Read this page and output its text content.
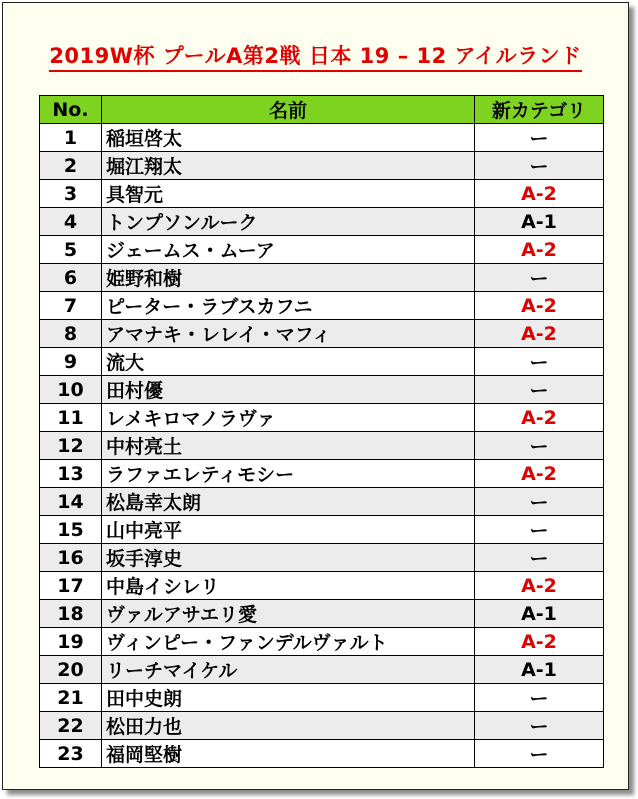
2019W杯 プールA第2戦 日本 19 – 12 アイルランド
No.	名前	新カテゴリ
1	稲垣啓太	ー
2	堀江翔太	ー
3	具智元	A-2
4	トンプソンルーク	A-1
5	ジェームス・ムーア	A-2
6	姫野和樹	ー
7	ピーター・ラブスカフニ	A-2
8	アマナキ・レレイ・マフィ	A-2
9	流大	ー
10	田村優	ー
11	レメキロマノラヴァ	A-2
12	中村亮土	ー
13	ラファエレティモシー	A-2
14	松島幸太朗	ー
15	山中亮平	ー
16	坂手淳史	ー
17	中島イシレリ	A-2
18	ヴァルアサエリ愛	A-1
19	ヴィンピー・ファンデルヴァルト	A-2
20	リーチマイケル	A-1
21	田中史朗	ー
22	松田力也	ー
23	福岡堅樹	ー
